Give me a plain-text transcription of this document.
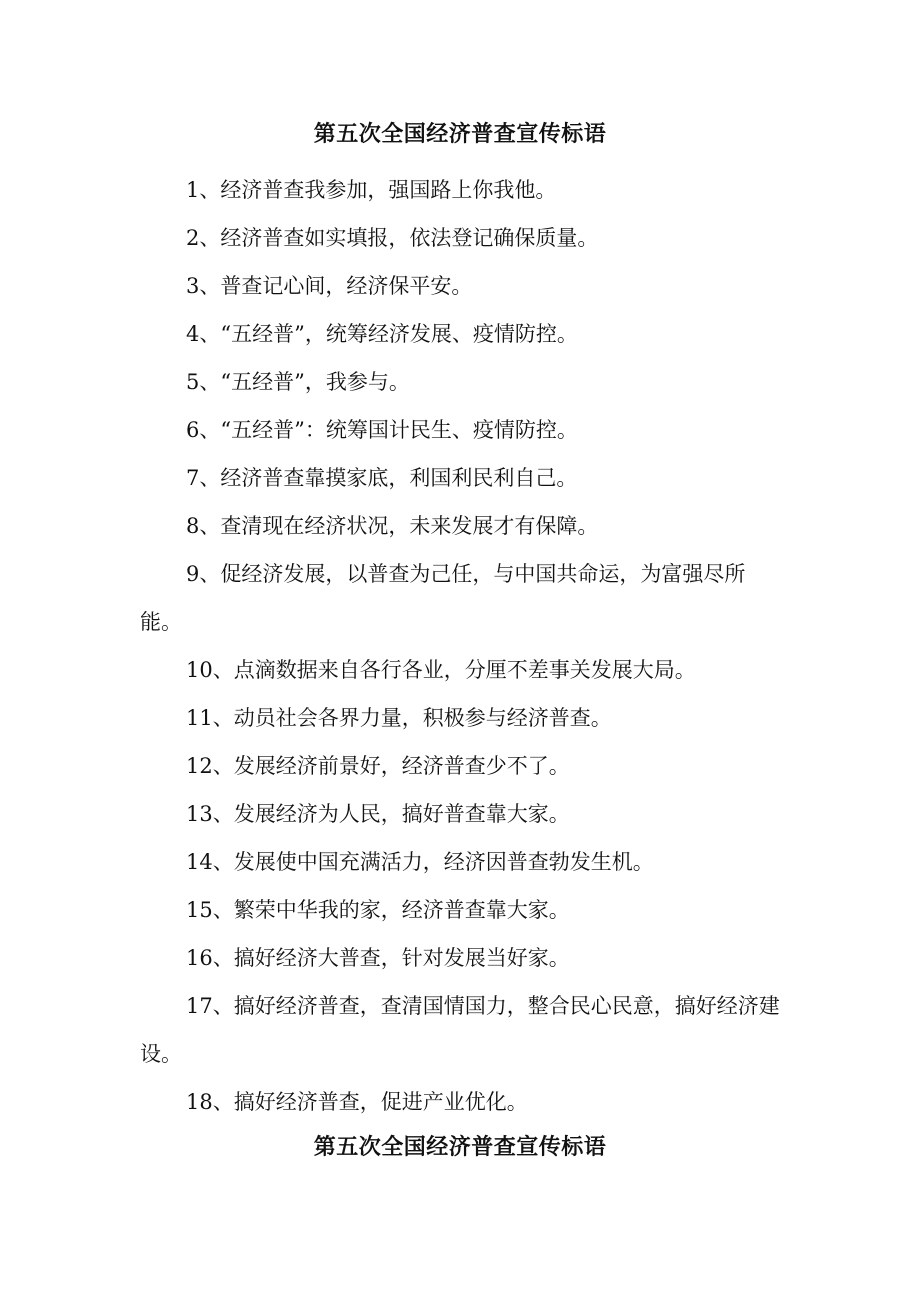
第五次全国经济普查宣传标语

1、经济普查我参加，强国路上你我他。

2、经济普查如实填报，依法登记确保质量。

3、普查记心间，经济保平安。

4、“五经普”，统筹经济发展、疫情防控。

5、“五经普”，我参与。

6、“五经普”：统筹国计民生、疫情防控。

7、经济普查靠摸家底，利国利民利自己。

8、查清现在经济状况，未来发展才有保障。

9、促经济发展，以普查为己任，与中国共命运，为富强尽所能。

10、点滴数据来自各行各业，分厘不差事关发展大局。

11、动员社会各界力量，积极参与经济普查。

12、发展经济前景好，经济普查少不了。

13、发展经济为人民，搞好普查靠大家。

14、发展使中国充满活力，经济因普查勃发生机。

15、繁荣中华我的家，经济普查靠大家。

16、搞好经济大普查，针对发展当好家。

17、搞好经济普查，查清国情国力，整合民心民意，搞好经济建设。

18、搞好经济普查，促进产业优化。

第五次全国经济普查宣传标语
